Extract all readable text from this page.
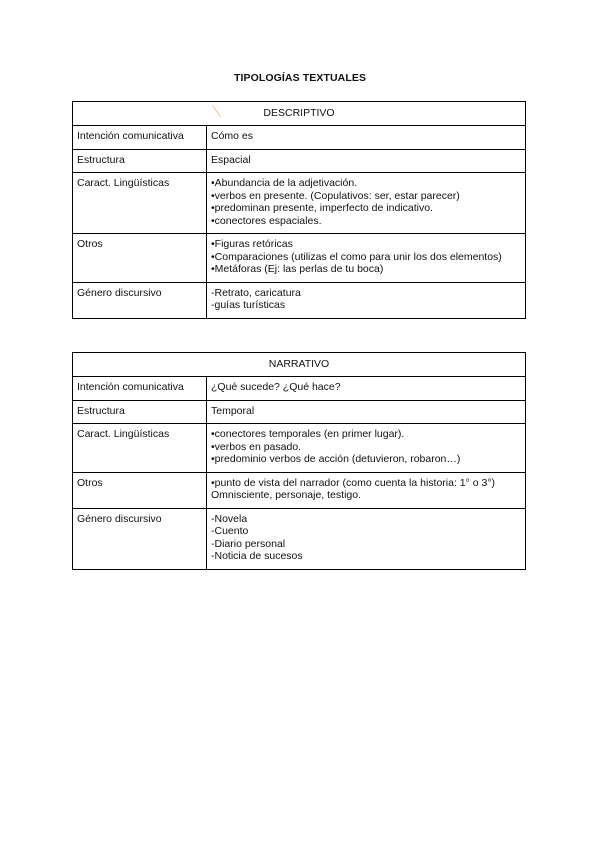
TIPOLOGÍAS TEXTUALES
DESCRIPTIVO	
Intención comunicativa	Cómo es

Estructura	Espacial

Caract. Lingüísticas	•Abundancia de la adjetivación.
•verbos en presente. (Copulativos: ser, estar parecer)
•predominan presente, imperfecto de indicativo.
•conectores espaciales.

Otros	•Figuras retóricas
•Comparaciones (utilizas el como para unir los dos elementos)
•Metáforas (Ej: las perlas de tu boca)

Género discursivo	-Retrato, caricatura
-guías turísticas
NARRATIVO	
Intención comunicativa	¿Qué sucede? ¿Qué hace?

Estructura	Temporal

Caract. Lingüísticas	•conectores temporales (en primer lugar).
•verbos en pasado.
•predominio verbos de acción (detuvieron, robaron…)

Otros	•punto de vista del narrador (como cuenta la historia: 1° o 3°)
Omnisciente, personaje, testigo.

Género discursivo	-Novela
-Cuento
-Diario personal
-Noticia de sucesos
